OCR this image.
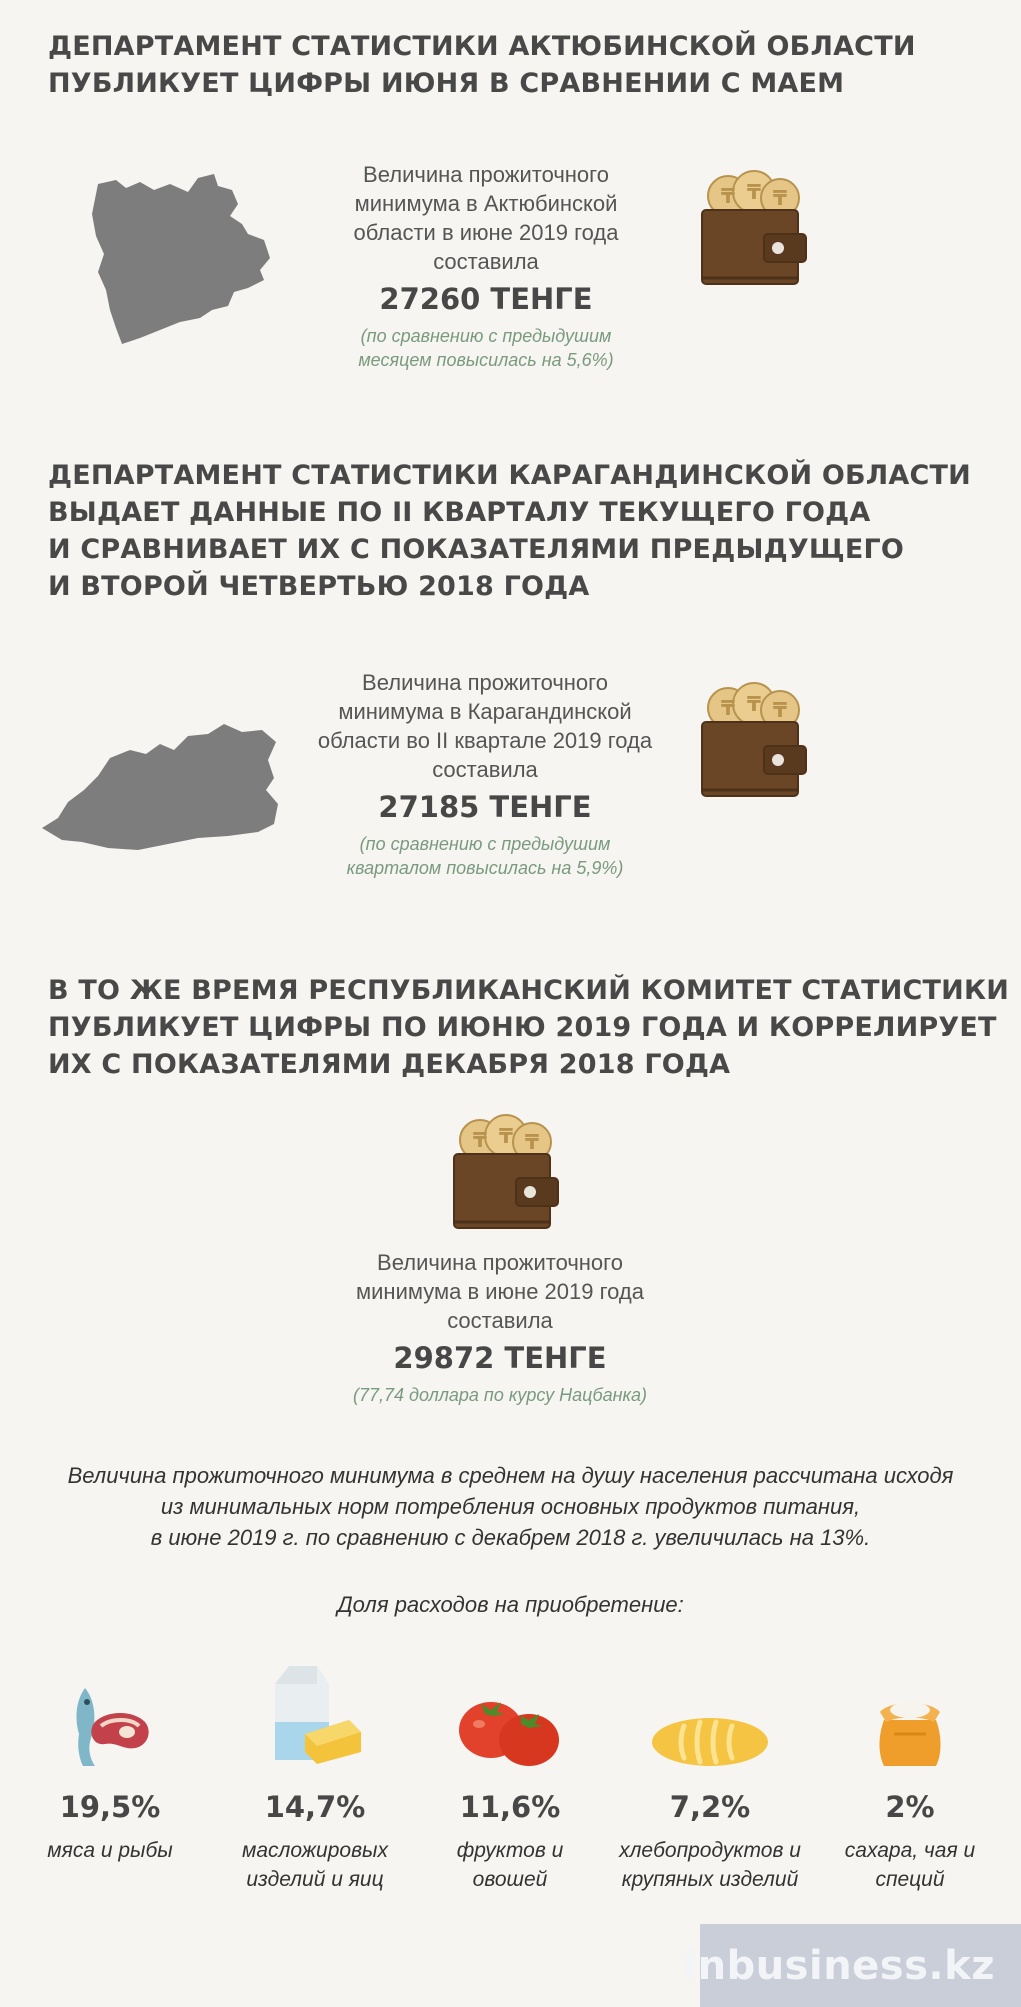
ДЕПАРТАМЕНТ СТАТИСТИКИ АКТЮБИНСКОЙ ОБЛАСТИ
ПУБЛИКУЕТ ЦИФРЫ ИЮНЯ В СРАВНЕНИИ С МАЕМ

Величина прожиточного
минимума в Актюбинской
области в июне 2019 года
составила

27260 ТЕНГЕ

(по сравнению с предыдушим
месяцем повысилась на 5,6%)

ДЕПАРТАМЕНТ СТАТИСТИКИ КАРАГАНДИНСКОЙ ОБЛАСТИ
ВЫДАЕТ ДАННЫЕ ПО II КВАРТАЛУ ТЕКУЩЕГО ГОДА
И СРАВНИВАЕТ ИХ С ПОКАЗАТЕЛЯМИ ПРЕДЫДУЩЕГО
И ВТОРОЙ ЧЕТВЕРТЬЮ 2018 ГОДА

Величина прожиточного
минимума в Карагандинской
области во II квартале 2019 года
составила

27185 ТЕНГЕ

(по сравнению с предыдушим
кварталом повысилась на 5,9%)

В ТО ЖЕ ВРЕМЯ РЕСПУБЛИКАНСКИЙ КОМИТЕТ СТАТИСТИКИ
ПУБЛИКУЕТ ЦИФРЫ ПО ИЮНЮ 2019 ГОДА И КОРРЕЛИРУЕТ
ИХ С ПОКАЗАТЕЛЯМИ ДЕКАБРЯ 2018 ГОДА

Величина прожиточного
минимума в июне 2019 года
составила

29872 ТЕНГЕ

(77,74 доллара по курсу Нацбанка)

Величина прожиточного минимума в среднем на душу населения рассчитана исходя
из минимальных норм потребления основных продуктов питания,
в июне 2019 г. по сравнению с декабрем 2018 г. увеличилась на 13%.

Доля расходов на приобретение:

19,5%

мяса и рыбы

14,7%

масложировых
изделий и яиц

11,6%

фруктов и
овошей

7,2%

хлебопродуктов и
крупяных изделий

2%

сахара, чая и
специй

inbusiness.kz
